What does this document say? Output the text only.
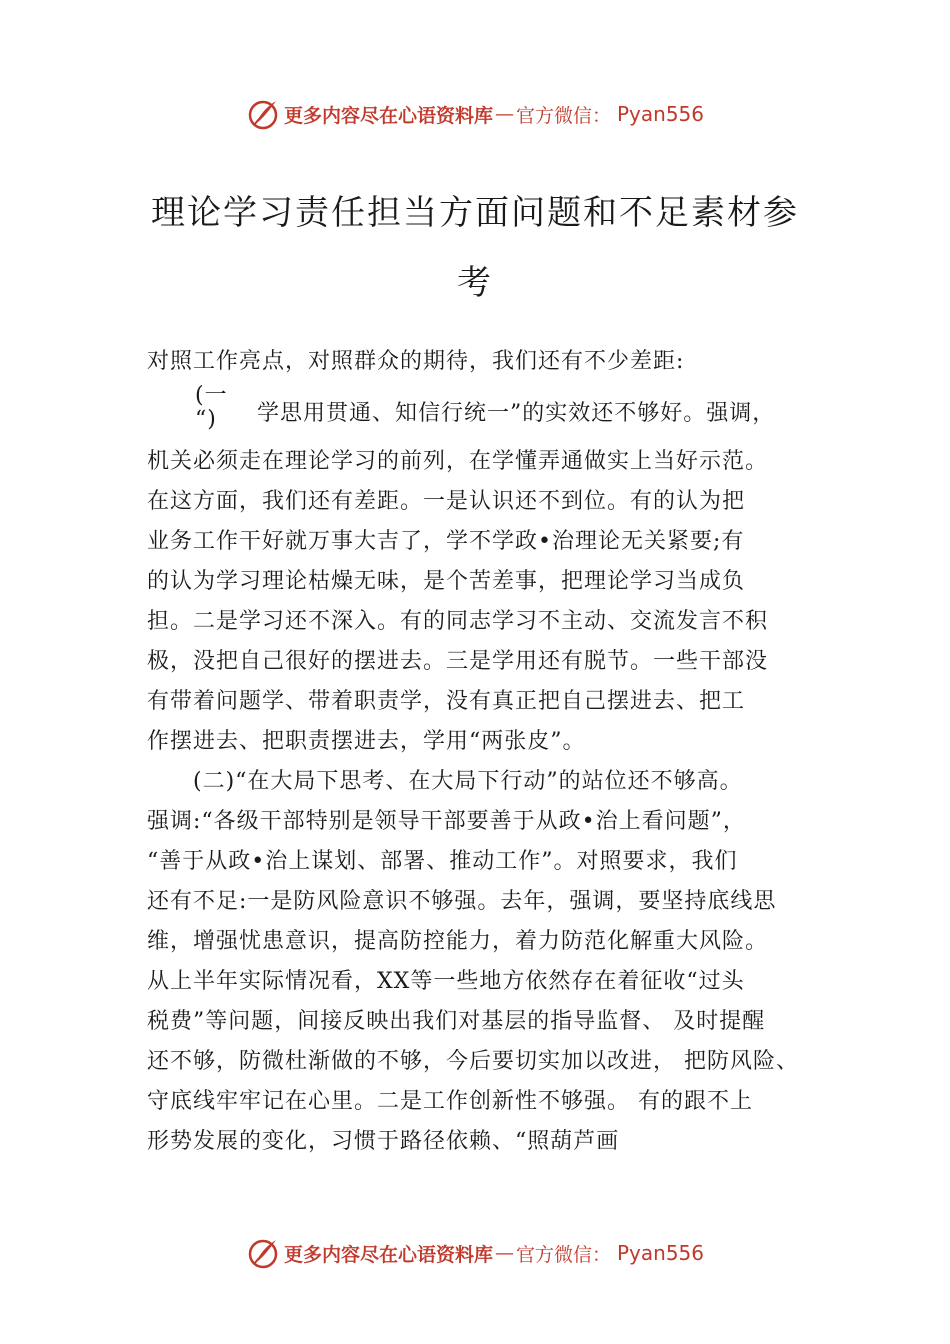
更多内容尽在心语资料库 — 官方微信： Pyan556
理论学习责任担当方面问题和不足素材参
考
对照工作亮点，对照群众的期待，我们还有不少差距:
(一
“)	学思用贯通、知信行统一”的实效还不够好。强调，
机关必须走在理论学习的前列，在学懂弄通做实上当好示范。
在这方面，我们还有差距。一是认识还不到位。有的认为把
业务工作干好就万事大吉了，学不学政•治理论无关紧要;有
的认为学习理论枯燥无味，是个苦差事，把理论学习当成负
担。二是学习还不深入。有的同志学习不主动、交流发言不积
极，没把自己很好的摆进去。三是学用还有脱节。一些干部没
有带着问题学、带着职责学，没有真正把自己摆进去、把工
作摆进去、把职责摆进去，学用“两张皮”。
(二)“在大局下思考、在大局下行动”的站位还不够高。
强调:“各级干部特别是领导干部要善于从政•治上看问题”，
“善于从政•治上谋划、部署、推动工作”。对照要求，我们
还有不足:一是防风险意识不够强。去年，强调，要坚持底线思
维，增强忧患意识，提高防控能力，着力防范化解重大风险。
从上半年实际情况看，XX等一些地方依然存在着征收“过头
税费”等问题，间接反映出我们对基层的指导监督、 及时提醒
还不够，防微杜渐做的不够，今后要切实加以改进， 把防风险、
守底线牢牢记在心里。二是工作创新性不够强。 有的跟不上
形势发展的变化，习惯于路径依赖、“照葫芦画
更多内容尽在心语资料库 — 官方微信： Pyan556
